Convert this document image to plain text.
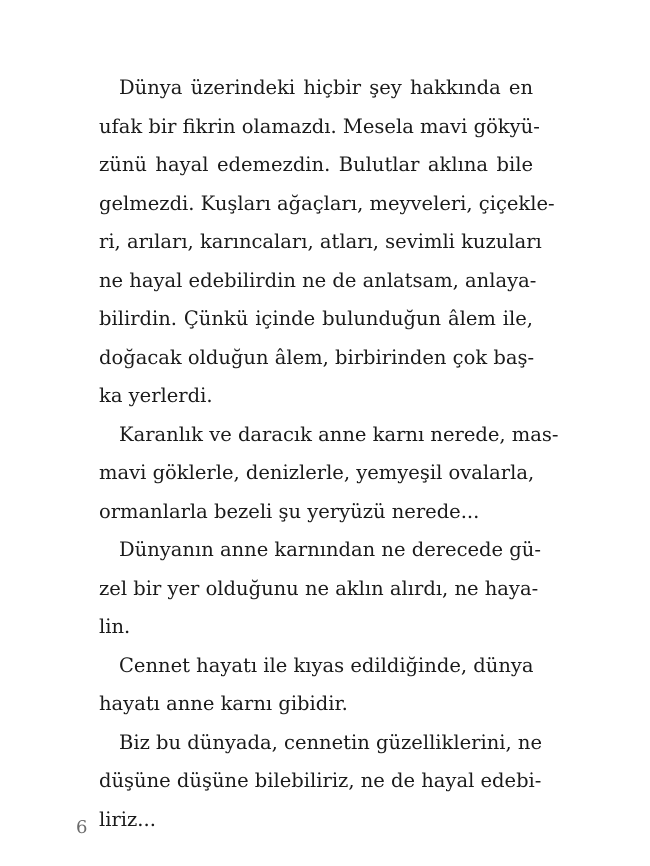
Dünya üzerindeki hiçbir şey hakkında en
ufak bir fikrin olamazdı. Mesela mavi gökyü-
zünü hayal edemezdin. Bulutlar aklına bile
gelmezdi. Kuşları ağaçları, meyveleri, çiçekle-
ri, arıları, karıncaları, atları, sevimli kuzuları
ne hayal edebilirdin ne de anlatsam, anlaya-
bilirdin. Çünkü içinde bulunduğun âlem ile,
doğacak olduğun âlem, birbirinden çok baş-
ka yerlerdi.
Karanlık ve daracık anne karnı nerede, mas-
mavi göklerle, denizlerle, yemyeşil ovalarla,
ormanlarla bezeli şu yeryüzü nerede...
Dünyanın anne karnından ne derecede gü-
zel bir yer olduğunu ne aklın alırdı, ne haya-
lin.
Cennet hayatı ile kıyas edildiğinde, dünya
hayatı anne karnı gibidir.
Biz bu dünyada, cennetin güzelliklerini, ne
düşüne düşüne bilebiliriz, ne de hayal edebi-
liriz...
6
